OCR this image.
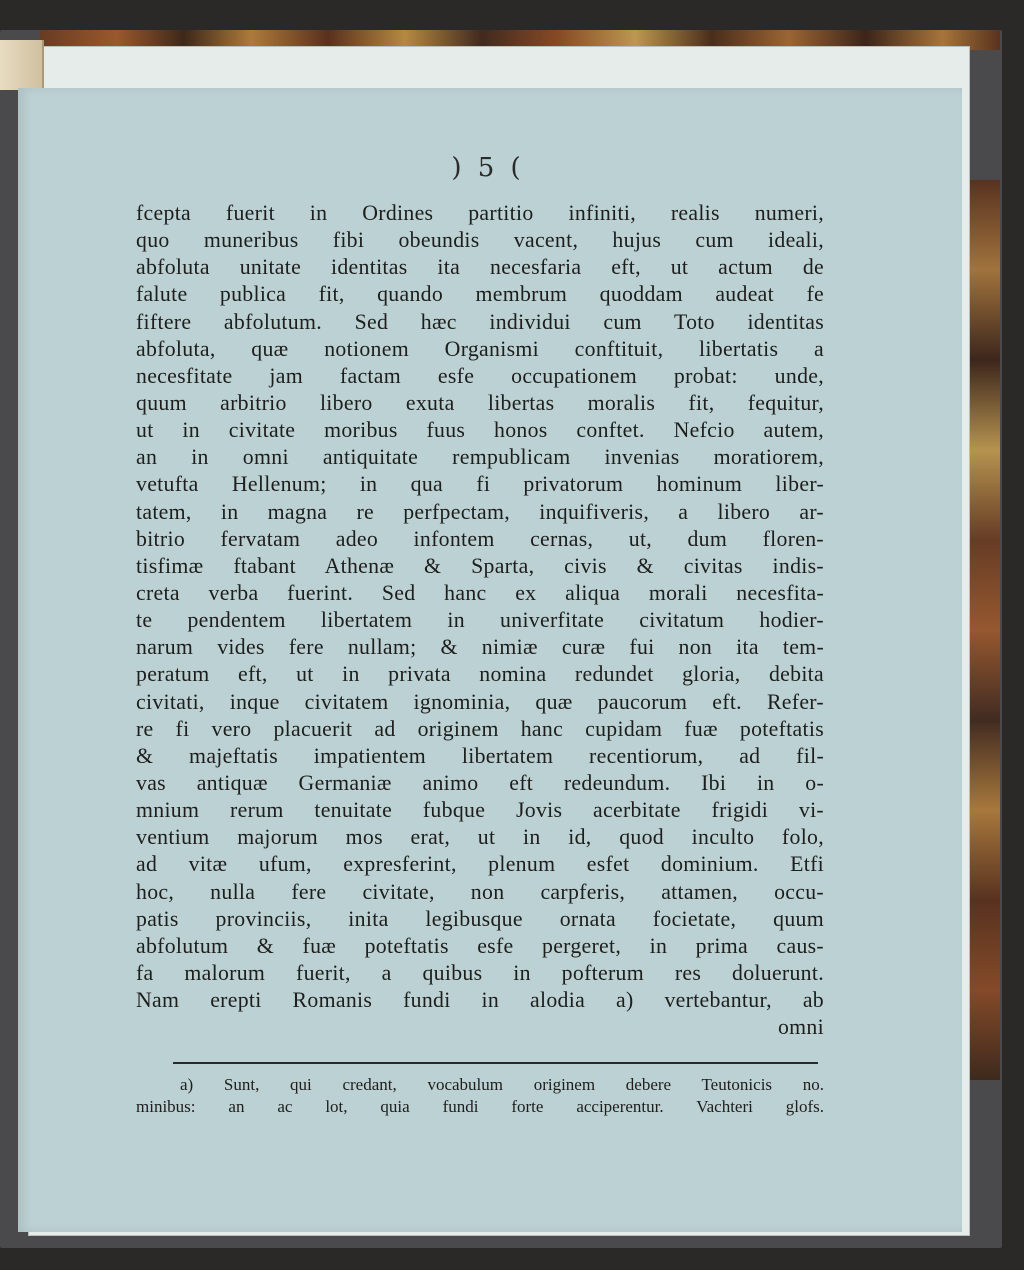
) 5 (
fcepta fuerit in Ordines partitio infiniti, realis numeri,
quo muneribus fibi obeundis vacent, hujus cum ideali,
abfoluta unitate identitas ita necesfaria eft, ut actum de
falute publica fit, quando membrum quoddam audeat fe
fiftere abfolutum. Sed hæc individui cum Toto identitas
abfoluta, quæ notionem Organismi conftituit, libertatis a
necesfitate jam factam esfe occupationem probat: unde,
quum arbitrio libero exuta libertas moralis fit, fequitur,
ut in civitate moribus fuus honos conftet. Nefcio autem,
an in omni antiquitate rempublicam invenias moratiorem,
vetufta Hellenum; in qua fi privatorum hominum liber-
tatem, in magna re perfpectam, inquifiveris, a libero ar-
bitrio fervatam adeo infontem cernas, ut, dum floren-
tisfimæ ftabant Athenæ & Sparta, civis & civitas indis-
creta verba fuerint. Sed hanc ex aliqua morali necesfita-
te pendentem libertatem in univerfitate civitatum hodier-
narum vides fere nullam; & nimiæ curæ fui non ita tem-
peratum eft, ut in privata nomina redundet gloria, debita
civitati, inque civitatem ignominia, quæ paucorum eft. Refer-
re fi vero placuerit ad originem hanc cupidam fuæ poteftatis
& majeftatis impatientem libertatem recentiorum, ad fil-
vas antiquæ Germaniæ animo eft redeundum. Ibi in o-
mnium rerum tenuitate fubque Jovis acerbitate frigidi vi-
ventium majorum mos erat, ut in id, quod inculto folo,
ad vitæ ufum, expresferint, plenum esfet dominium. Etfi
hoc, nulla fere civitate, non carpferis, attamen, occu-
patis provinciis, inita legibusque ornata focietate, quum
abfolutum & fuæ poteftatis esfe pergeret, in prima caus-
fa malorum fuerit, a quibus in pofterum res doluerunt.
Nam erepti Romanis fundi in alodia a) vertebantur, ab
omni
a) Sunt, qui credant, vocabulum originem debere Teutonicis no.
minibus: an ac lot, quia fundi forte acciperentur. Vachteri glofs.
